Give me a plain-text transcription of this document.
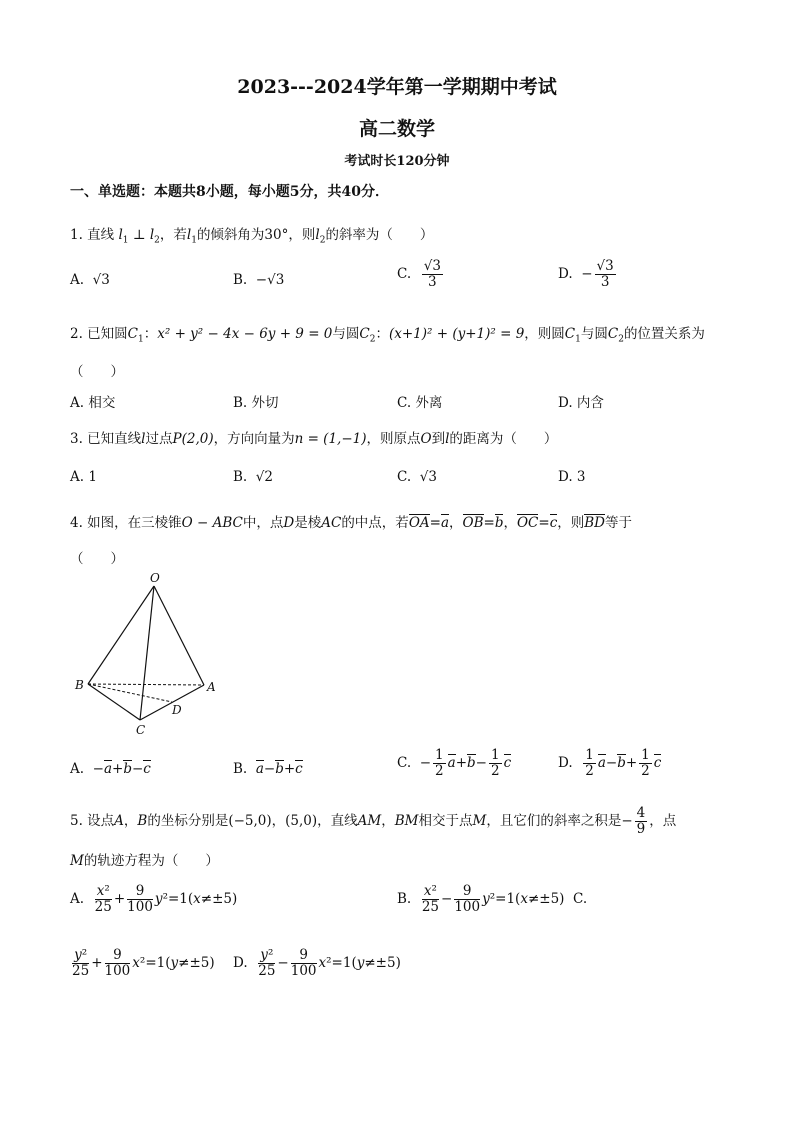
2023---2024学年第一学期期中考试
高二数学
考试时长120分钟
一、单选题：本题共8小题，每小题5分，共40分．
1. 直线 $l_1$ ⊥ $l_2$，若$l_1$的倾斜角为30°，则$l_2$的斜率为（　　）
A.  √3	B.  −√3	C. $\frac{√3}{3}$	D.  − $\frac{√3}{3}$
2. 已知圆$C_1$：x² + y² − 4x − 6y + 9 = 0与圆$C_2$：(x+1)² + (y+1)² = 9，则圆$C_1$与圆$C_2$的位置关系为
（　　）
A. 相交	B. 外切	C. 外离	D. 内含
3. 已知直线l过点P(2,0)，方向向量为n = (1,−1)，则原点O到l的距离为（　　）
A. 1	B.  √2	C.  √3	D. 3
4. 如图，在三棱锥O − ABC中，点D是棱AC的中点，若OA=a，OB=b，OC=c，则BD等于
（　　）
O
B	A
C
D
A.  −a+b−c	B. a−b+c	C.  − $\frac{1}{2} a+b- \frac{1}{2}$ c	D. $\frac{1}{2} a-b+ \frac{1}{2}$ c
5. 设点A，B的坐标分别是(−5,0)，(5,0)，直线AM，BM相交于点M，且它们的斜率之积是− $\frac{4}{9}$ ，点
M的轨迹方程为（　　）
A. $\frac{\text{x²}}{25} + \frac{9}{100} y^2=1(x\ne\pm 5)$	B. $\frac{\text{x²}}{25} - \frac{9}{100} y^2=1(x\ne\pm 5)$  C.
$\frac{\text{y²}}{25} + \frac{9}{100} x^2=1(y\ne\pm 5)$ D. $\frac{\text{y²}}{25} - \frac{9}{100} x^2=1(y\ne\pm 5)$
